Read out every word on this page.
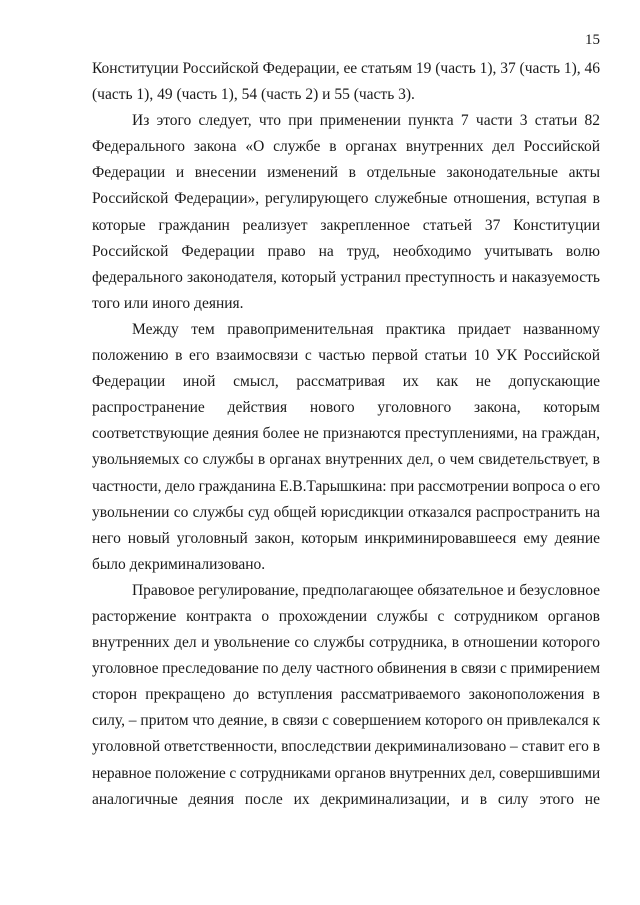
15
Конституции Российской Федерации, ее статьям 19 (часть 1), 37 (часть 1), 46
(часть 1), 49 (часть 1), 54 (часть 2) и 55 (часть 3).
Из этого следует, что при применении пункта 7 части 3 статьи 82
Федерального закона «О службе в органах внутренних дел Российской
Федерации и внесении изменений в отдельные законодательные акты
Российской Федерации», регулирующего служебные отношения, вступая в
которые гражданин реализует закрепленное статьей 37 Конституции
Российской Федерации право на труд, необходимо учитывать волю
федерального законодателя, который устранил преступность и наказуемость
того или иного деяния.
Между тем правоприменительная практика придает названному
положению в его взаимосвязи с частью первой статьи 10 УК Российской
Федерации иной смысл, рассматривая их как не допускающие
распространение действия нового уголовного закона, которым
соответствующие деяния более не признаются преступлениями, на граждан,
увольняемых со службы в органах внутренних дел, о чем свидетельствует, в
частности, дело гражданина Е.В.Тарышкина: при рассмотрении вопроса о его
увольнении со службы суд общей юрисдикции отказался распространить на
него новый уголовный закон, которым инкриминировавшееся ему деяние
было декриминализовано.
Правовое регулирование, предполагающее обязательное и безусловное
расторжение контракта о прохождении службы с сотрудником органов
внутренних дел и увольнение со службы сотрудника, в отношении которого
уголовное преследование по делу частного обвинения в связи с примирением
сторон прекращено до вступления рассматриваемого законоположения в
силу, – притом что деяние, в связи с совершением которого он привлекался к
уголовной ответственности, впоследствии декриминализовано – ставит его в
неравное положение с сотрудниками органов внутренних дел, совершившими
аналогичные деяния после их декриминализации, и в силу этого не
